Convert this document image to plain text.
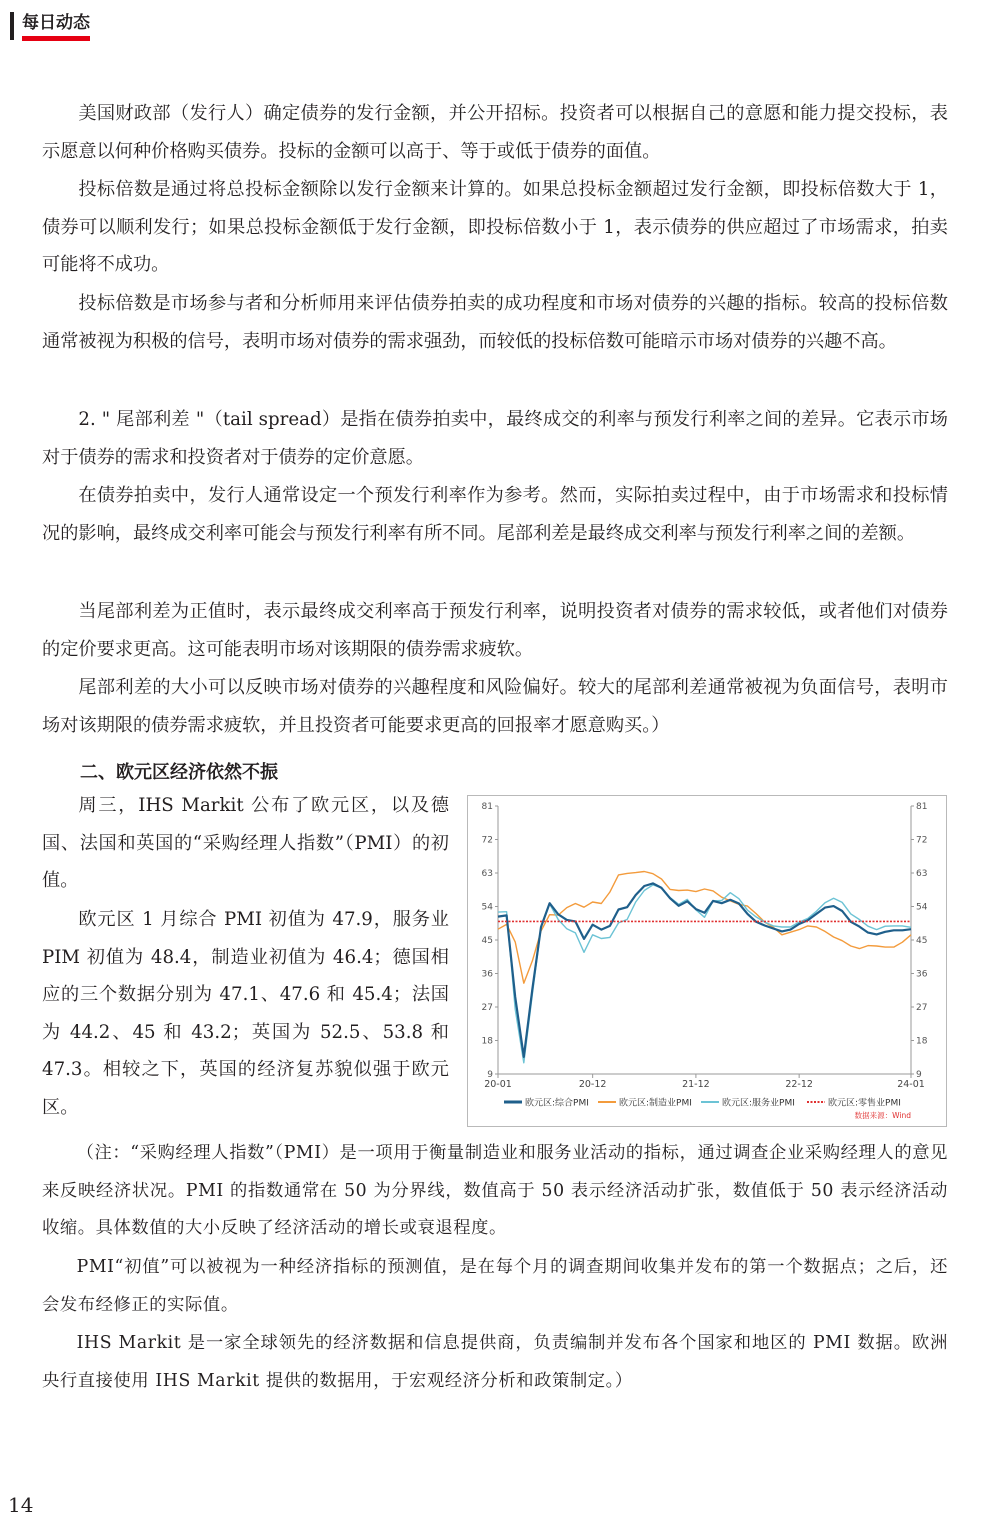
每日动态

美国财政部（发行人）确定债券的发行金额，并公开招标。投资者可以根据自己的意愿和能力提交投标，表示愿意以何种价格购买债券。投标的金额可以高于、等于或低于债券的面值。

投标倍数是通过将总投标金额除以发行金额来计算的。如果总投标金额超过发行金额，即投标倍数大于 1，债券可以顺利发行；如果总投标金额低于发行金额，即投标倍数小于 1，表示债券的供应超过了市场需求，拍卖可能将不成功。

投标倍数是市场参与者和分析师用来评估债券拍卖的成功程度和市场对债券的兴趣的指标。较高的投标倍数通常被视为积极的信号，表明市场对债券的需求强劲，而较低的投标倍数可能暗示市场对债券的兴趣不高。

2. " 尾部利差 "（tail spread）是指在债券拍卖中，最终成交的利率与预发行利率之间的差异。它表示市场对于债券的需求和投资者对于债券的定价意愿。

在债券拍卖中，发行人通常设定一个预发行利率作为参考。然而，实际拍卖过程中，由于市场需求和投标情况的影响，最终成交利率可能会与预发行利率有所不同。尾部利差是最终成交利率与预发行利率之间的差额。

当尾部利差为正值时，表示最终成交利率高于预发行利率，说明投资者对债券的需求较低，或者他们对债券的定价要求更高。这可能表明市场对该期限的债券需求疲软。

尾部利差的大小可以反映市场对债券的兴趣程度和风险偏好。较大的尾部利差通常被视为负面信号，表明市场对该期限的债券需求疲软，并且投资者可能要求更高的回报率才愿意购买。）

二、欧元区经济依然不振

周三，IHS Markit 公布了欧元区，以及德国、法国和英国的“采购经理人指数”（PMI）的初值。

欧元区 1 月综合 PMI 初值为 47.9，服务业 PIM 初值为 48.4，制造业初值为 46.4；德国相应的三个数据分别为 47.1、47.6 和 45.4；法国为 44.2、45 和 43.2；英国为 52.5、53.8 和 47.3。相较之下，英国的经济复苏貌似强于欧元区。

9	9
18	18
27	27
36	36
45	45
54	54
63	63
72	72
81	81
20-01	20-12	21-12	22-12	24-01
欧元区:综合PMI	欧元区:制造业PMI	欧元区:服务业PMI	欧元区:零售业PMI
数据来源：Wind

（注：“采购经理人指数”（PMI）是一项用于衡量制造业和服务业活动的指标，通过调查企业采购经理人的意见来反映经济状况。PMI 的指数通常在 50 为分界线，数值高于 50 表示经济活动扩张，数值低于 50 表示经济活动收缩。具体数值的大小反映了经济活动的增长或衰退程度。

PMI“初值”可以被视为一种经济指标的预测值，是在每个月的调查期间收集并发布的第一个数据点；之后，还会发布经修正的实际值。

IHS Markit 是一家全球领先的经济数据和信息提供商，负责编制并发布各个国家和地区的 PMI 数据。欧洲央行直接使用 IHS Markit 提供的数据用，于宏观经济分析和政策制定。）

14
